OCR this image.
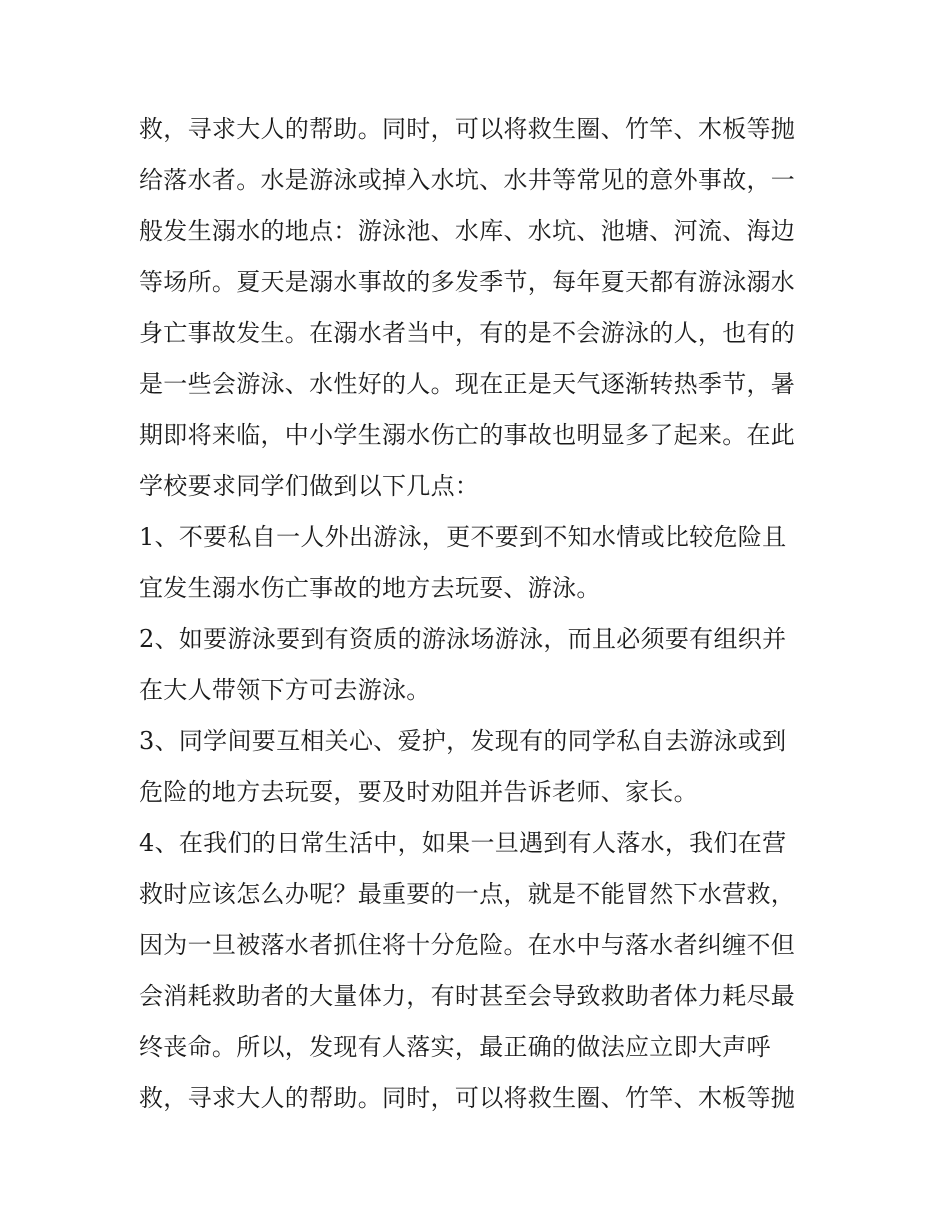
救，寻求大人的帮助。同时，可以将救生圈、竹竿、木板等抛
给落水者。水是游泳或掉入水坑、水井等常见的意外事故，一
般发生溺水的地点：游泳池、水库、水坑、池塘、河流、海边
等场所。夏天是溺水事故的多发季节，每年夏天都有游泳溺水
身亡事故发生。在溺水者当中，有的是不会游泳的人，也有的
是一些会游泳、水性好的人。现在正是天气逐渐转热季节，暑
期即将来临，中小学生溺水伤亡的事故也明显多了起来。在此
学校要求同学们做到以下几点：
1、不要私自一人外出游泳，更不要到不知水情或比较危险且
宜发生溺水伤亡事故的地方去玩耍、游泳。
2、如要游泳要到有资质的游泳场游泳，而且必须要有组织并
在大人带领下方可去游泳。
3、同学间要互相关心、爱护，发现有的同学私自去游泳或到
危险的地方去玩耍，要及时劝阻并告诉老师、家长。
4、在我们的日常生活中，如果一旦遇到有人落水，我们在营
救时应该怎么办呢？最重要的一点，就是不能冒然下水营救，
因为一旦被落水者抓住将十分危险。在水中与落水者纠缠不但
会消耗救助者的大量体力，有时甚至会导致救助者体力耗尽最
终丧命。所以，发现有人落实，最正确的做法应立即大声呼
救，寻求大人的帮助。同时，可以将救生圈、竹竿、木板等抛
